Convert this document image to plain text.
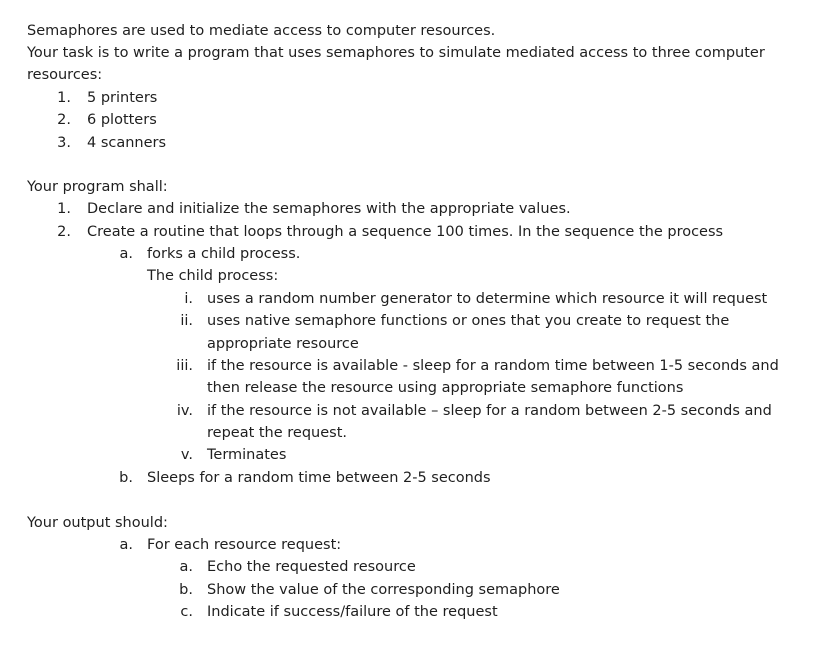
Semaphores are used to mediate access to computer resources.
Your task is to write a program that uses semaphores to simulate mediated access to three computer
resources:
1. 5 printers
2. 6 plotters
3. 4 scanners
Your program shall:
1. Declare and initialize the semaphores with the appropriate values.
2. Create a routine that loops through a sequence 100 times. In the sequence the process
a. forks a child process.
The child process:
i. uses a random number generator to determine which resource it will request
ii. uses native semaphore functions or ones that you create to request the
appropriate resource
iii. if the resource is available - sleep for a random time between 1-5 seconds and
then release the resource using appropriate semaphore functions
iv. if the resource is not available – sleep for a random between 2-5 seconds and
repeat the request.
v. Terminates
b. Sleeps for a random time between 2-5 seconds
Your output should:
a. For each resource request:
a. Echo the requested resource
b. Show the value of the corresponding semaphore
c. Indicate if success/failure of the request
